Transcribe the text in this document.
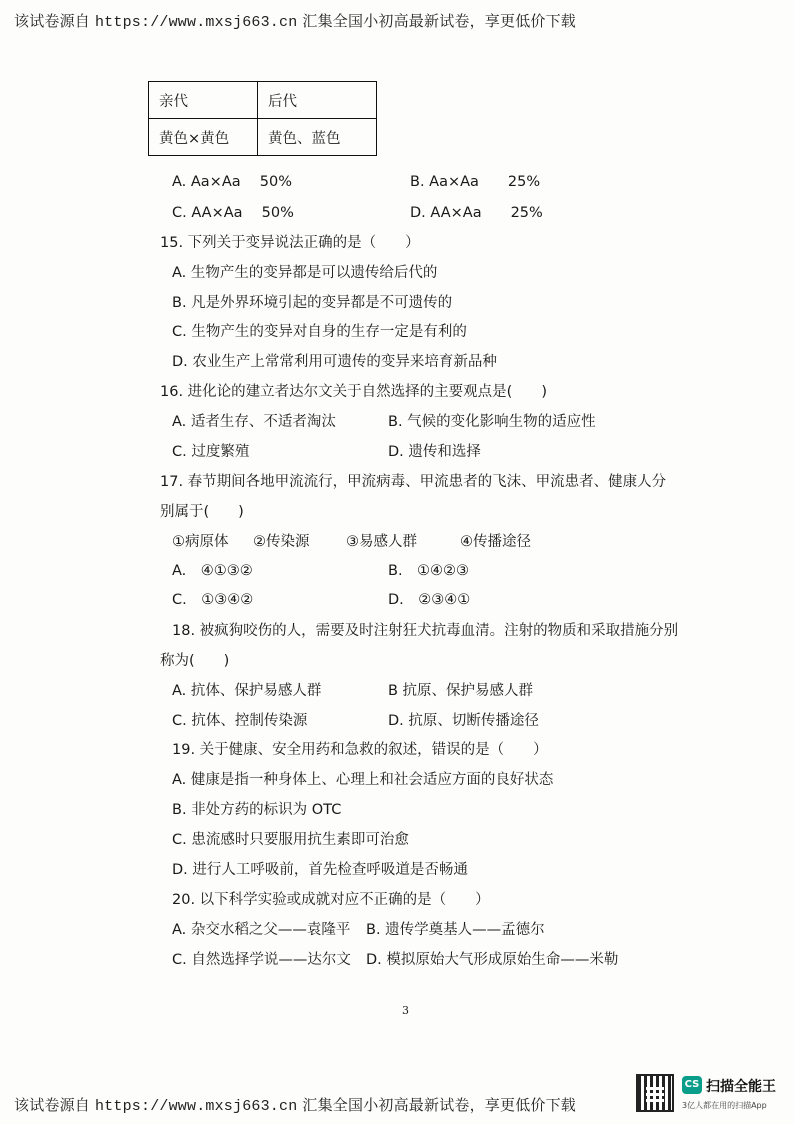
该试卷源自 https://www.mxsj663.cn 汇集全国小初高最新试卷，享更低价下载
亲代	后代
黄色×黄色	黄色、蓝色
A. Aa×Aa　 50%	B. Aa×Aa　　25%
C. AA×Aa　 50%	D. AA×Aa　　25%
15. 下列关于变异说法正确的是（　　）
A. 生物产生的变异都是可以遗传给后代的
B. 凡是外界环境引起的变异都是不可遗传的
C. 生物产生的变异对自身的生存一定是有利的
D. 农业生产上常常利用可遗传的变异来培育新品种
16. 进化论的建立者达尔文关于自然选择的主要观点是(　　)
A. 适者生存、不适者淘汰	B. 气候的变化影响生物的适应性
C. 过度繁殖	D. 遗传和选择
17. 春节期间各地甲流流行，甲流病毒、甲流患者的飞沫、甲流患者、健康人分
别属于(　　)
①病原体 ②传染源	③易感人群	④传播途径
A.　④①③②	B.　①④②③
C.　①③④②	D.　②③④①
18. 被疯狗咬伤的人，需要及时注射狂犬抗毒血清。注射的物质和采取措施分别
称为(　　)
A. 抗体、保护易感人群	B 抗原、保护易感人群
C. 抗体、控制传染源	D. 抗原、切断传播途径
19. 关于健康、安全用药和急救的叙述，错误的是（　　）
A. 健康是指一种身体上、心理上和社会适应方面的良好状态
B. 非处方药的标识为 OTC
C. 患流感时只要服用抗生素即可治愈
D. 进行人工呼吸前，首先检查呼吸道是否畅通
20. 以下科学实验或成就对应不正确的是（　　）
A. 杂交水稻之父——袁隆平 B. 遗传学奠基人——孟德尔
C. 自然选择学说——达尔文 D. 模拟原始大气形成原始生命——米勒
3
该试卷源自 https://www.mxsj663.cn 汇集全国小初高最新试卷，享更低价下载
CS 扫描全能王
3亿人都在用的扫描App
